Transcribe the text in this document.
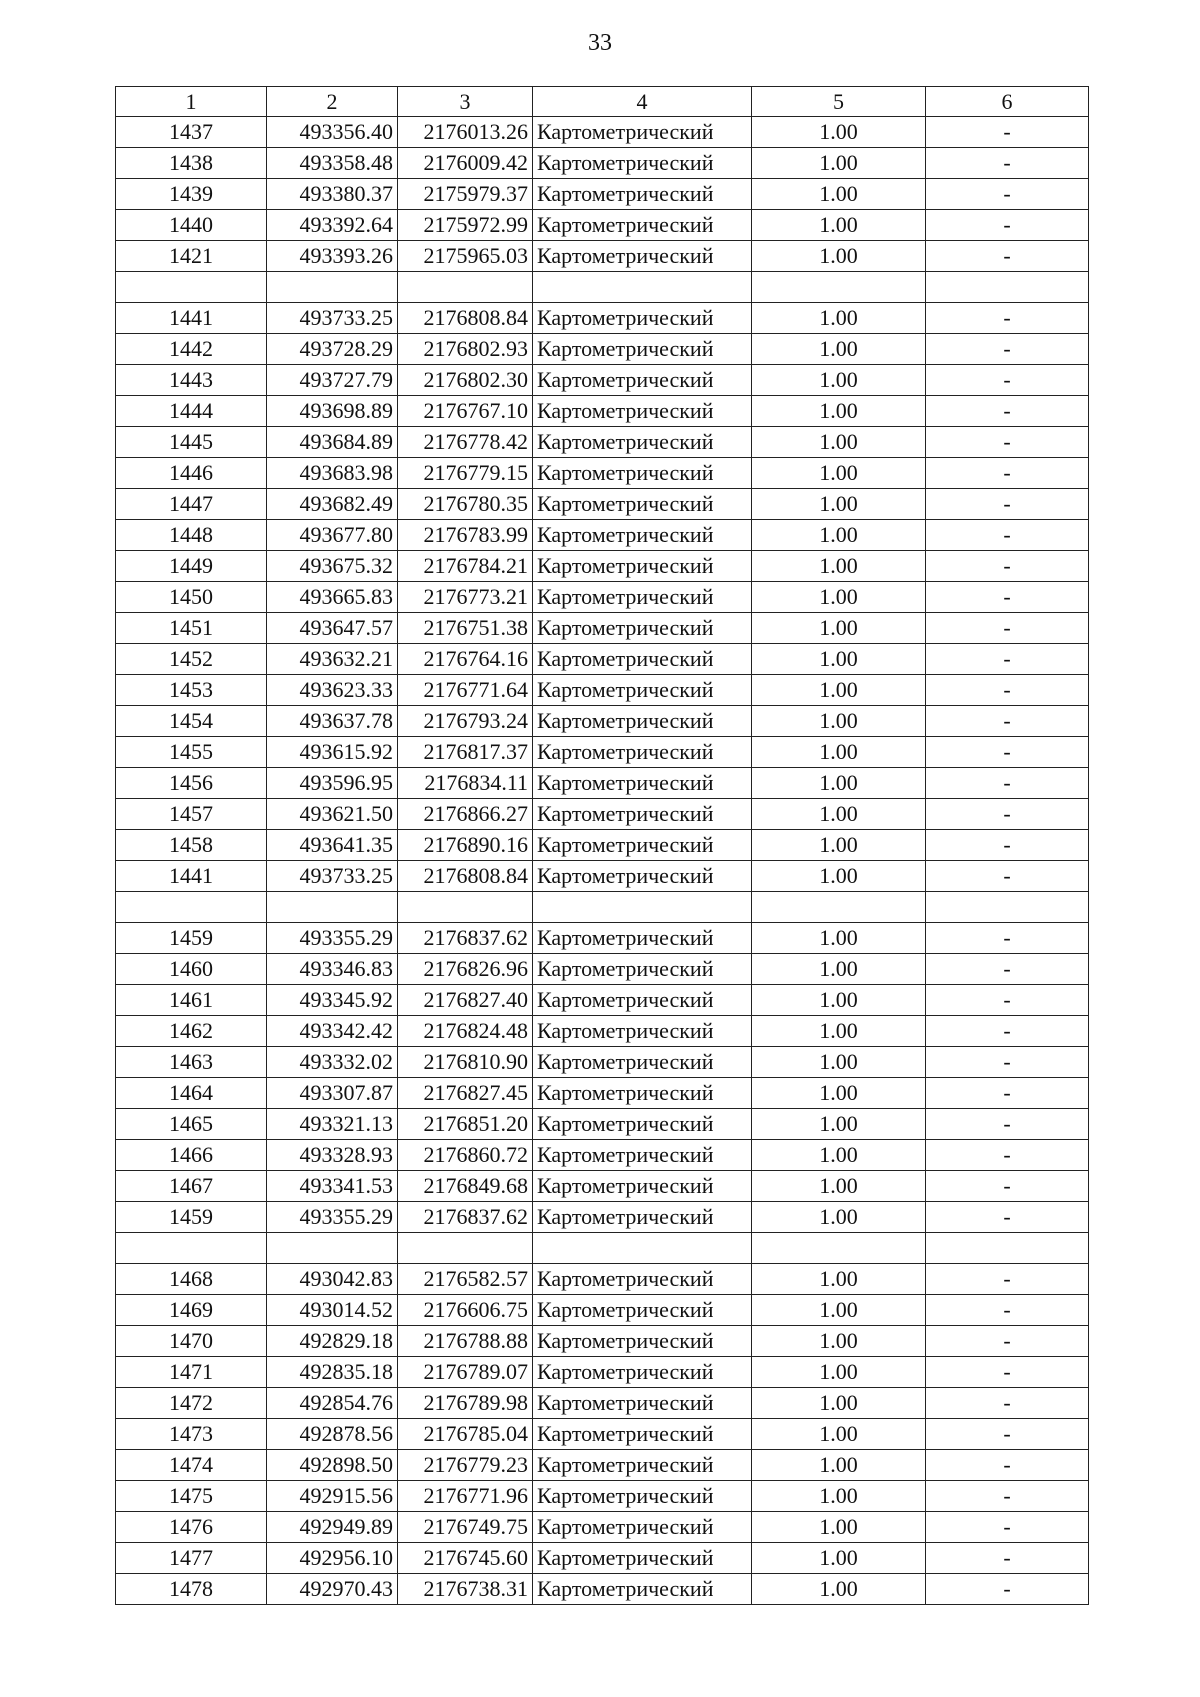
33
1	2	3	4	5	6
1437	493356.40	2176013.26	Картометрический	1.00	-
1438	493358.48	2176009.42	Картометрический	1.00	-
1439	493380.37	2175979.37	Картометрический	1.00	-
1440	493392.64	2175972.99	Картометрический	1.00	-
1421	493393.26	2175965.03	Картометрический	1.00	-

1441	493733.25	2176808.84	Картометрический	1.00	-
1442	493728.29	2176802.93	Картометрический	1.00	-
1443	493727.79	2176802.30	Картометрический	1.00	-
1444	493698.89	2176767.10	Картометрический	1.00	-
1445	493684.89	2176778.42	Картометрический	1.00	-
1446	493683.98	2176779.15	Картометрический	1.00	-
1447	493682.49	2176780.35	Картометрический	1.00	-
1448	493677.80	2176783.99	Картометрический	1.00	-
1449	493675.32	2176784.21	Картометрический	1.00	-
1450	493665.83	2176773.21	Картометрический	1.00	-
1451	493647.57	2176751.38	Картометрический	1.00	-
1452	493632.21	2176764.16	Картометрический	1.00	-
1453	493623.33	2176771.64	Картометрический	1.00	-
1454	493637.78	2176793.24	Картометрический	1.00	-
1455	493615.92	2176817.37	Картометрический	1.00	-
1456	493596.95	2176834.11	Картометрический	1.00	-
1457	493621.50	2176866.27	Картометрический	1.00	-
1458	493641.35	2176890.16	Картометрический	1.00	-
1441	493733.25	2176808.84	Картометрический	1.00	-

1459	493355.29	2176837.62	Картометрический	1.00	-
1460	493346.83	2176826.96	Картометрический	1.00	-
1461	493345.92	2176827.40	Картометрический	1.00	-
1462	493342.42	2176824.48	Картометрический	1.00	-
1463	493332.02	2176810.90	Картометрический	1.00	-
1464	493307.87	2176827.45	Картометрический	1.00	-
1465	493321.13	2176851.20	Картометрический	1.00	-
1466	493328.93	2176860.72	Картометрический	1.00	-
1467	493341.53	2176849.68	Картометрический	1.00	-
1459	493355.29	2176837.62	Картометрический	1.00	-

1468	493042.83	2176582.57	Картометрический	1.00	-
1469	493014.52	2176606.75	Картометрический	1.00	-
1470	492829.18	2176788.88	Картометрический	1.00	-
1471	492835.18	2176789.07	Картометрический	1.00	-
1472	492854.76	2176789.98	Картометрический	1.00	-
1473	492878.56	2176785.04	Картометрический	1.00	-
1474	492898.50	2176779.23	Картометрический	1.00	-
1475	492915.56	2176771.96	Картометрический	1.00	-
1476	492949.89	2176749.75	Картометрический	1.00	-
1477	492956.10	2176745.60	Картометрический	1.00	-
1478	492970.43	2176738.31	Картометрический	1.00	-
